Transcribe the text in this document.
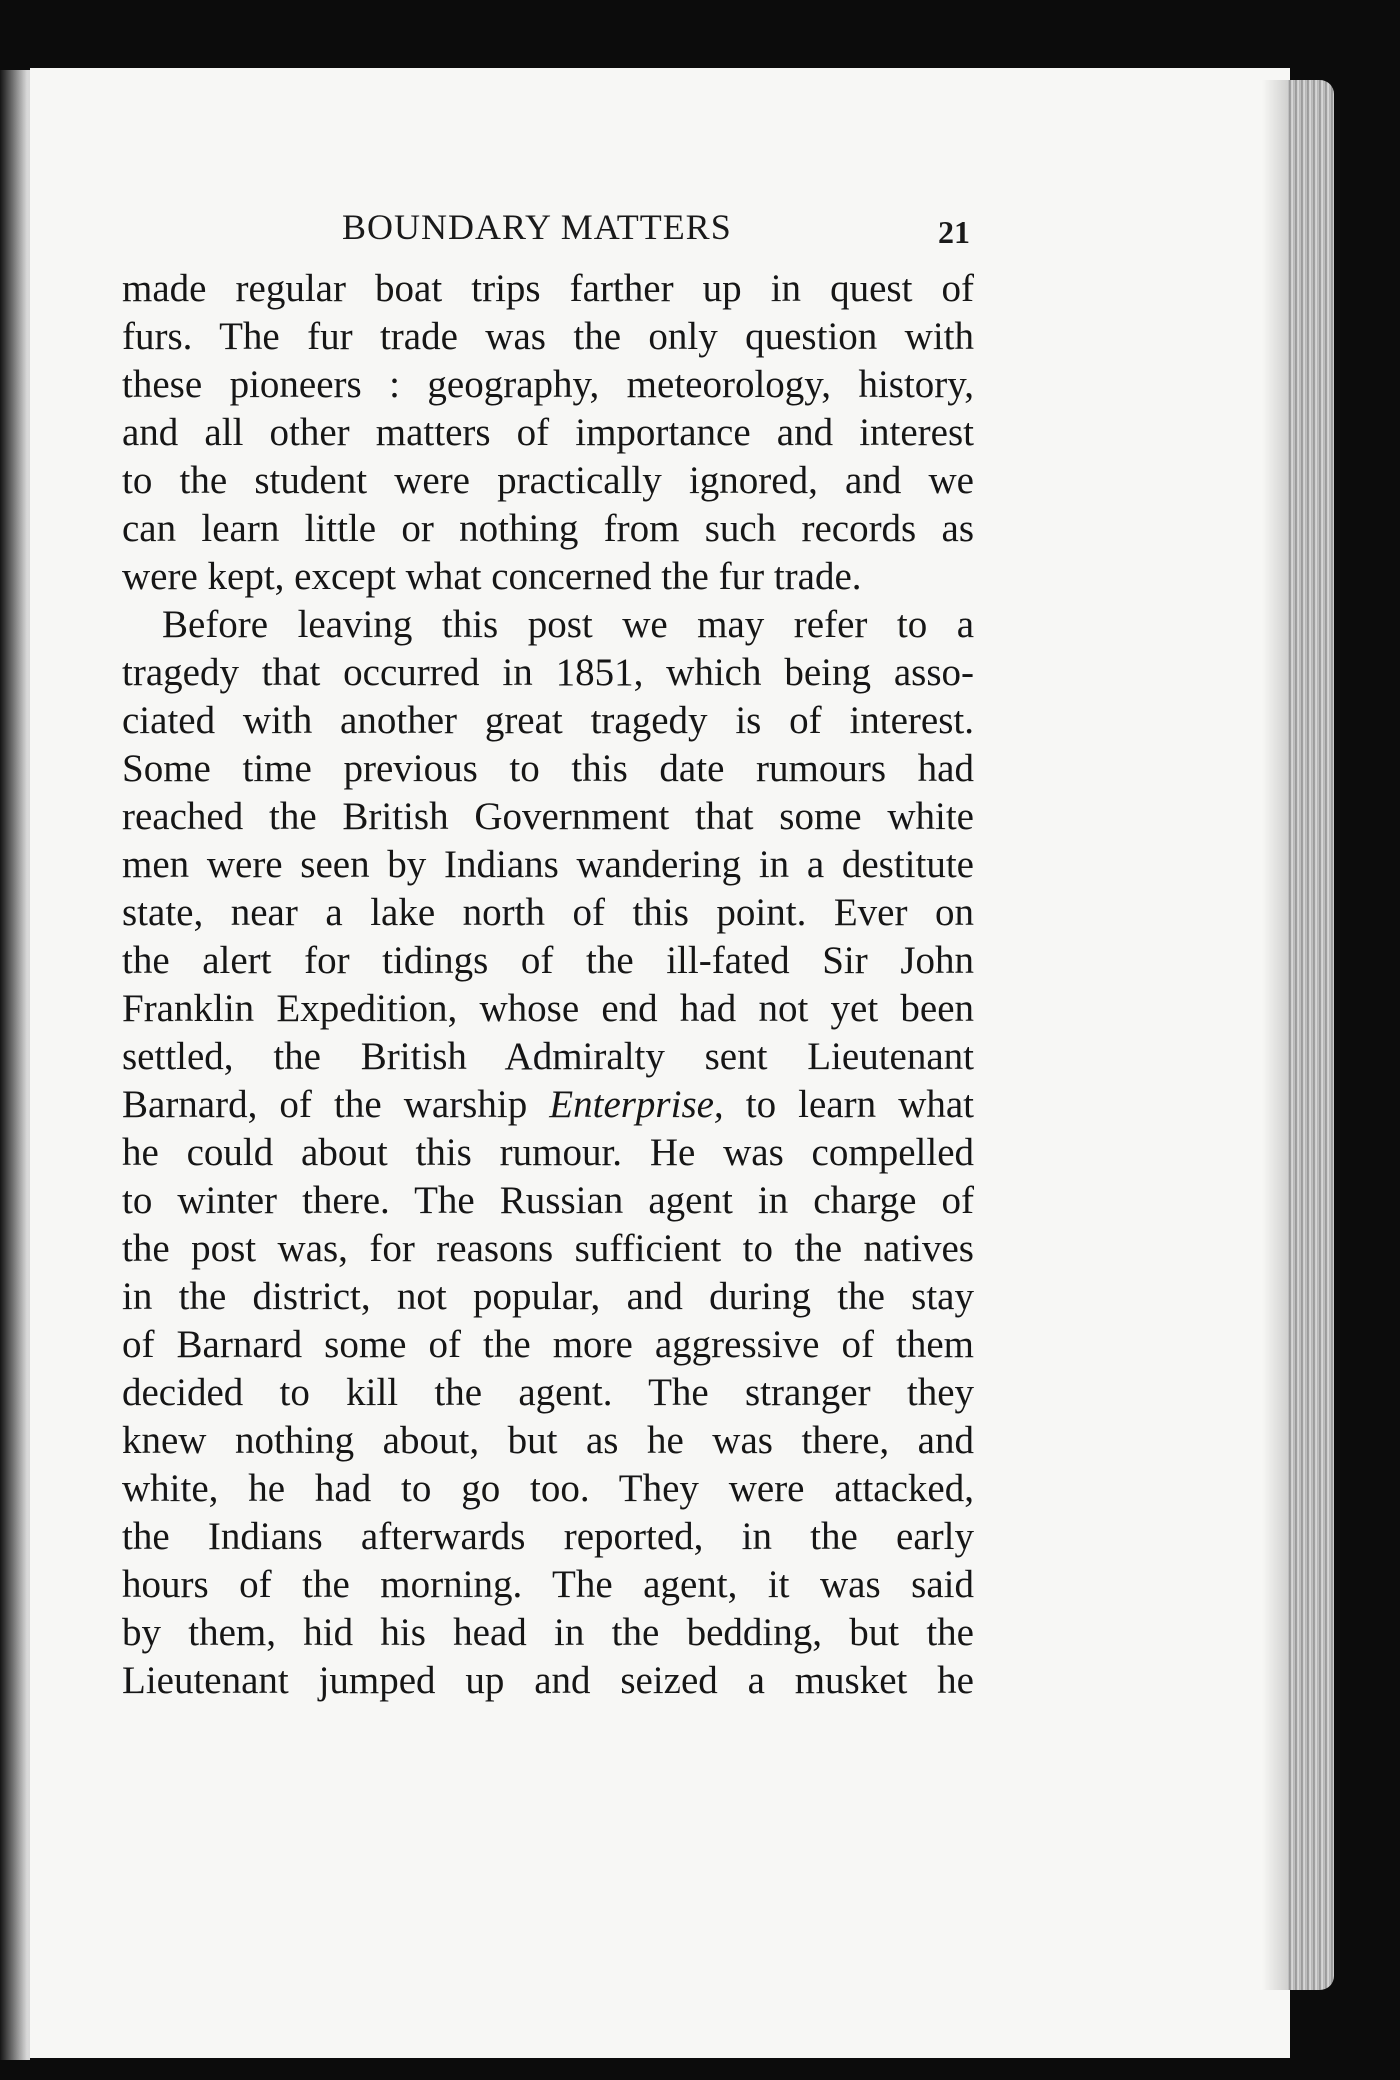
BOUNDARY MATTERS	21
made regular boat trips farther up in quest of
furs. The fur trade was the only question with
these pioneers : geography, meteorology, history,
and all other matters of importance and interest
to the student were practically ignored, and we
can learn little or nothing from such records as
were kept, except what concerned the fur trade.
Before leaving this post we may refer to a
tragedy that occurred in 1851, which being asso-
ciated with another great tragedy is of interest.
Some time previous to this date rumours had
reached the British Government that some white
men were seen by Indians wandering in a destitute
state, near a lake north of this point. Ever on
the alert for tidings of the ill-fated Sir John
Franklin Expedition, whose end had not yet been
settled, the British Admiralty sent Lieutenant
Barnard, of the warship Enterprise, to learn what
he could about this rumour. He was compelled
to winter there. The Russian agent in charge of
the post was, for reasons sufficient to the natives
in the district, not popular, and during the stay
of Barnard some of the more aggressive of them
decided to kill the agent. The stranger they
knew nothing about, but as he was there, and
white, he had to go too. They were attacked,
the Indians afterwards reported, in the early
hours of the morning. The agent, it was said
by them, hid his head in the bedding, but the
Lieutenant jumped up and seized a musket he
